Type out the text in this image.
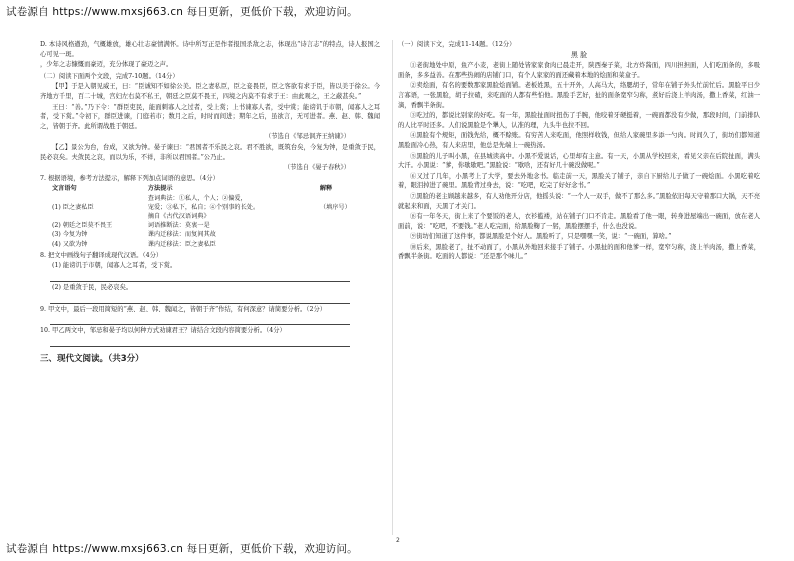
试卷源自 https://www.mxsj663.cn 每日更新，更低价下载，欢迎访问。

D. 本诗风格遒劲，气概雄放，雄心壮志豪情满怀。诗中所写正是作者报国杀敌之志，体现出“诗言志”的特点，诗人报国之心可见一斑。

，少年之志慷慨而豪迈，充分体现了豪迈之声。

（二）阅读下面两个文段，完成7-10题。（14分）

【甲】于是入朝见威王，曰：“臣诚知不如徐公美。臣之妻私臣，臣之妾畏臣，臣之客欲有求于臣，皆以美于徐公。今齐地方千里，百二十城，宫妇左右莫不私王，朝廷之臣莫不畏王，四境之内莫不有求于王：由此观之，王之蔽甚矣。”

王曰：“善。”乃下令：“群臣吏民，能面刺寡人之过者，受上赏；上书谏寡人者，受中赏；能谤讥于市朝，闻寡人之耳者，受下赏。”令初下，群臣进谏，门庭若市；数月之后，时时而间进；期年之后，虽欲言，无可进者。燕、赵、韩、魏闻之，皆朝于齐。此所谓战胜于朝廷。

（节选自《邹忌讽齐王纳谏》）

【乙】景公为台，台成，又欲为钟。晏子谏曰：“君国者不乐民之哀。君不胜欲，既筑台矣，今复为钟，是重敛于民，民必哀矣。夫敛民之哀，而以为乐，不祥，非所以君国者。”公乃止。

（节选自《晏子春秋》）

7. 根据语境，参考方法提示，解释下列加点词语的意思。（4分）

文言语句	方法提示	解释
	查词典法：①私人，个人；②偏爱，	
(1) 臣之妻私臣	宠爱；③私下，私自；④个别事的长处。	（填序号）
	摘自《古代汉语词典》	
(2) 朝廷之臣莫不畏王	词语推断法：莫衷一是	
(3) 今复为钟	课内迁移法：而复间其故	
(4) 又欲为钟	课内迁移法：臣之妻私臣	

8. 把文中画线句子翻译成现代汉语。（4分）

(1) 能谤讥于市朝，闻寡人之耳者，受下赏。

(2) 是重敛于民，民必哀矣。

9. 甲文中，最后一段用简短的“燕、赵、韩、魏闻之，皆朝于齐”作结，有何深意？请简要分析。（2分）

10. 甲乙两文中，邹忌和晏子均以何种方式劝谏君王？请结合文段内容简要分析。（4分）

三、现代文阅读。（共3分）

（一）阅读下文，完成11-14题。（12分）

黑 脸

①老街地处中原，鱼产小麦，老街上随处皆家家食肉已晨走开，陕西秦子菜，北方炸酱面，四川担担面，人们吃面条的，多吸面条，多多益善。在那些热闹的店铺门口，有个人家家的面还藏着本地的烩面和菜盒子。

②卖烩面，有名的要数那家黑脸烩面铺。老板姓黑，五十开外，人高马大，络腮胡子，常年在铺子外头忙前忙后。黑脸平日少言寡语，一张黑脸，胡子拉碴，来吃面的人都有些怕他。黑脸手艺好，扯的面条宽窄匀称，煮好后浇上羊肉汤，撒上香菜，红油一滴，香飘半条街。

③吃过的，都说比别家的好吃。有一年，黑脸扯面时扭伤了手腕，他咬着牙硬挺着，一碗面都没有少做，那段时间，门前排队的人比平时还多。人们说黑脸是个犟人，认准的理，九头牛也拉不回。

④黑脸有个规矩，面钱先给，概不赊账。有穷苦人来吃面，他照样收钱，但给人家碗里多添一勺肉。时间久了，街坊们都知道黑脸面冷心热，有人来店里，他总是先端上一碗热汤。

⑤黑脸的儿子叫小黑，在县城读高中。小黑不爱说话，心里却有主意。有一天，小黑从学校回来，看见父亲在后院扯面，满头大汗。小黑说：“爹，你歇歇吧。”黑脸说：“歇啥，还有好几十碗没做呢。”

⑥又过了几年，小黑考上了大学，要去外地念书。临走前一天，黑脸关了铺子，亲自下厨给儿子做了一碗烩面。小黑吃着吃着，眼泪掉进了碗里。黑脸背过身去，说：“吃吧，吃完了好好念书。”

⑦黑脸的老主顾越来越多，有人劝他开分店，他摇头说：“一个人一双手，做不了那么多。”黑脸依旧每天守着那口大锅，天不亮就起来和面，天黑了才关门。

⑧有一年冬天，街上来了个要饭的老人，衣衫褴褛，站在铺子门口不肯走。黑脸看了他一眼，转身进屋端出一碗面，放在老人面前，说：“吃吧，不要钱。”老人吃完面，给黑脸鞠了一躬，黑脸摆摆手，什么也没说。

⑨街坊们知道了这件事，都说黑脸是个好人。黑脸听了，只是嘿嘿一笑，说：“一碗面，算啥。”

⑩后来，黑脸老了，扯不动面了，小黑从外地回来接手了铺子。小黑扯的面和他爹一样，宽窄匀称，浇上羊肉汤，撒上香菜，香飘半条街。吃面的人都说：“还是那个味儿。”

2
试卷源自 https://www.mxsj663.cn 每日更新，更低价下载，欢迎访问。
